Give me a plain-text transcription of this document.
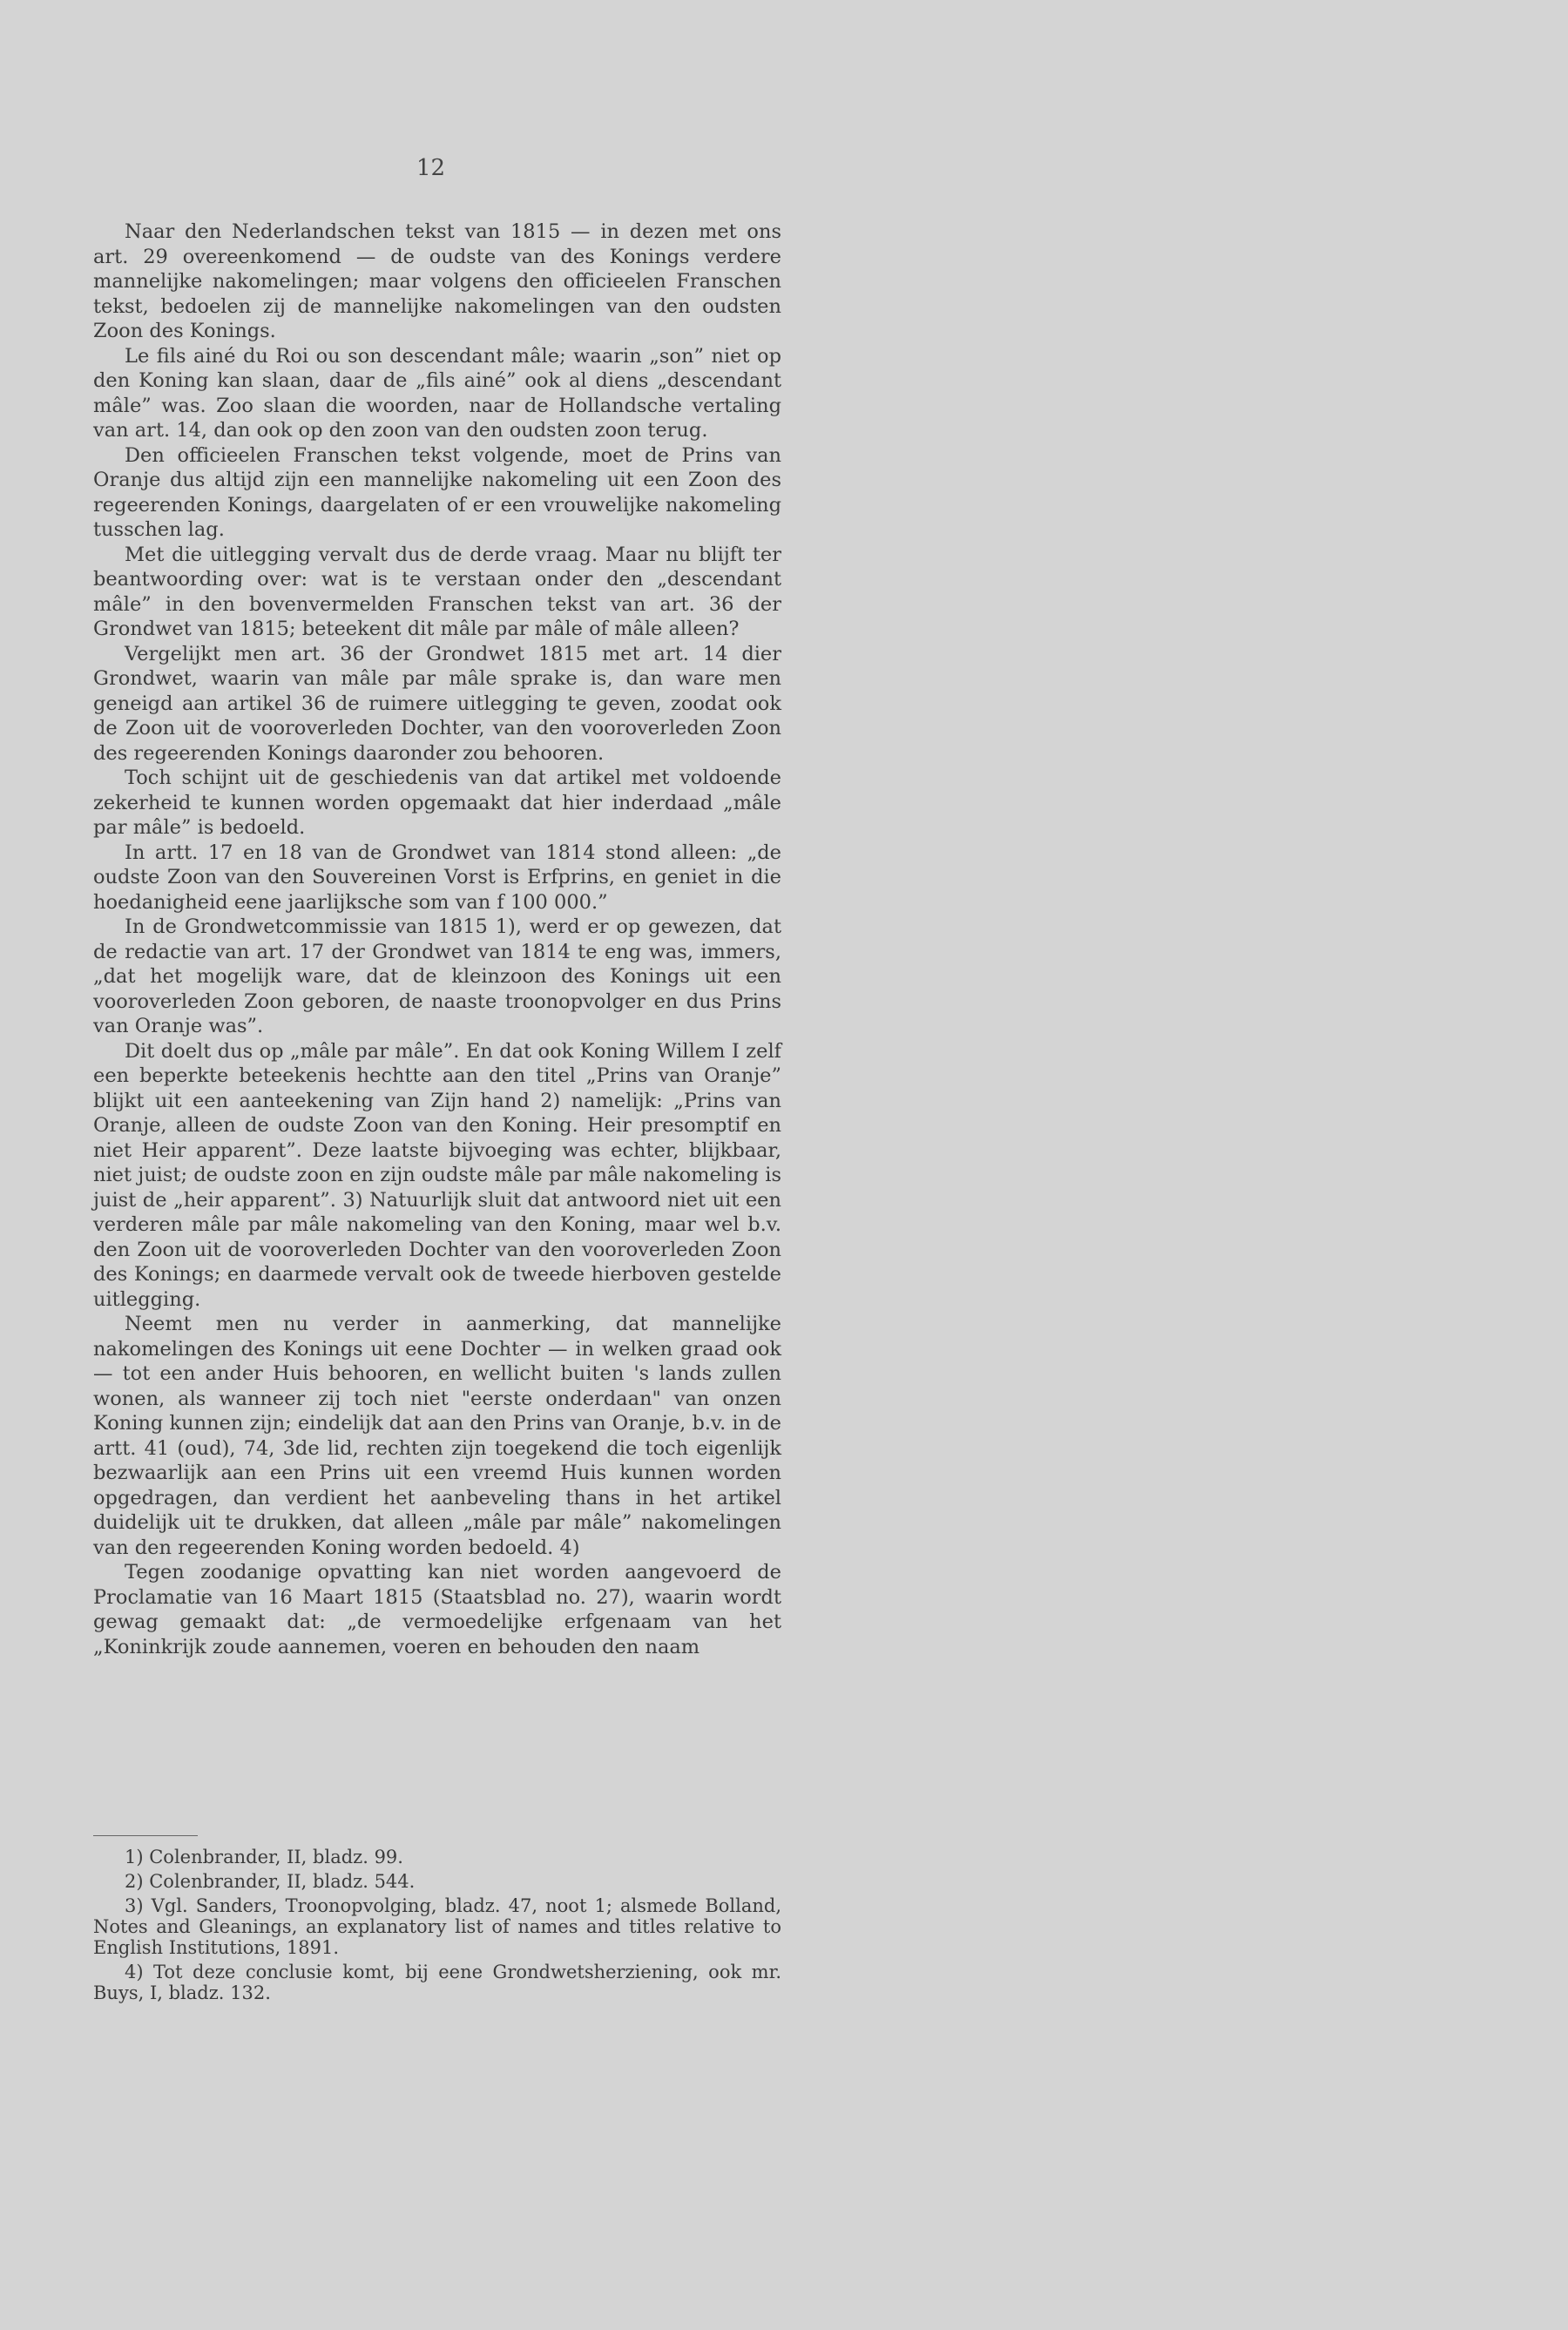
12

Naar den Nederlandschen tekst van 1815 — in dezen met ons art. 29 overeenkomend — de oudste van des Konings verdere mannelijke nakomelingen; maar volgens den officieelen Franschen tekst, bedoelen zij de mannelijke nakomelingen van den oudsten Zoon des Konings.

Le fils ainé du Roi ou son descendant mâle; waarin „son” niet op den Koning kan slaan, daar de „fils ainé” ook al diens „descendant mâle” was. Zoo slaan die woorden, naar de Hollandsche vertaling van art. 14, dan ook op den zoon van den oudsten zoon terug.

Den officieelen Franschen tekst volgende, moet de Prins van Oranje dus altijd zijn een mannelijke nakomeling uit een Zoon des regeerenden Konings, daargelaten of er een vrouwelijke nakomeling tusschen lag.

Met die uitlegging vervalt dus de derde vraag. Maar nu blijft ter beantwoording over: wat is te verstaan onder den „descendant mâle” in den bovenvermelden Franschen tekst van art. 36 der Grondwet van 1815; beteekent dit mâle par mâle of mâle alleen?

Vergelijkt men art. 36 der Grondwet 1815 met art. 14 dier Grondwet, waarin van mâle par mâle sprake is, dan ware men geneigd aan artikel 36 de ruimere uitlegging te geven, zoodat ook de Zoon uit de vooroverleden Dochter, van den vooroverleden Zoon des regeerenden Konings daaronder zou behooren.

Toch schijnt uit de geschiedenis van dat artikel met voldoende zekerheid te kunnen worden opgemaakt dat hier inderdaad „mâle par mâle” is bedoeld.

In artt. 17 en 18 van de Grondwet van 1814 stond alleen: „de oudste Zoon van den Souvereinen Vorst is Erfprins, en geniet in die hoedanigheid eene jaarlijksche som van f 100 000.”

In de Grondwetcommissie van 1815 1), werd er op gewezen, dat de redactie van art. 17 der Grondwet van 1814 te eng was, immers, „dat het mogelijk ware, dat de kleinzoon des Konings uit een vooroverleden Zoon geboren, de naaste troonopvolger en dus Prins van Oranje was”.

Dit doelt dus op „mâle par mâle”. En dat ook Koning Willem I zelf een beperkte beteekenis hechtte aan den titel „Prins van Oranje” blijkt uit een aanteekening van Zijn hand 2) namelijk: „Prins van Oranje, alleen de oudste Zoon van den Koning. Heir presomptif en niet Heir apparent”. Deze laatste bijvoeging was echter, blijkbaar, niet juist; de oudste zoon en zijn oudste mâle par mâle nakomeling is juist de „heir apparent”. 3) Natuurlijk sluit dat antwoord niet uit een verderen mâle par mâle nakomeling van den Koning, maar wel b.v. den Zoon uit de vooroverleden Dochter van den vooroverleden Zoon des Konings; en daarmede vervalt ook de tweede hierboven gestelde uitlegging.

Neemt men nu verder in aanmerking, dat mannelijke nakomelingen des Konings uit eene Dochter — in welken graad ook — tot een ander Huis behooren, en wellicht buiten 's lands zullen wonen, als wanneer zij toch niet "eerste onderdaan" van onzen Koning kunnen zijn; eindelijk dat aan den Prins van Oranje, b.v. in de artt. 41 (oud), 74, 3de lid, rechten zijn toegekend die toch eigenlijk bezwaarlijk aan een Prins uit een vreemd Huis kunnen worden opgedragen, dan verdient het aanbeveling thans in het artikel duidelijk uit te drukken, dat alleen „mâle par mâle” nakomelingen van den regeerenden Koning worden bedoeld. 4)

Tegen zoodanige opvatting kan niet worden aangevoerd de Proclamatie van 16 Maart 1815 (Staatsblad no. 27), waarin wordt gewag gemaakt dat: „de vermoedelijke erfgenaam van het „Koninkrijk zoude aannemen, voeren en behouden den naam

1) Colenbrander, II, bladz. 99.

2) Colenbrander, II, bladz. 544.

3) Vgl. Sanders, Troonopvolging, bladz. 47, noot 1; alsmede Bolland, Notes and Gleanings, an explanatory list of names and titles relative to English Institutions, 1891.

4) Tot deze conclusie komt, bij eene Grondwetsherziening, ook mr. Buys, I, bladz. 132.
